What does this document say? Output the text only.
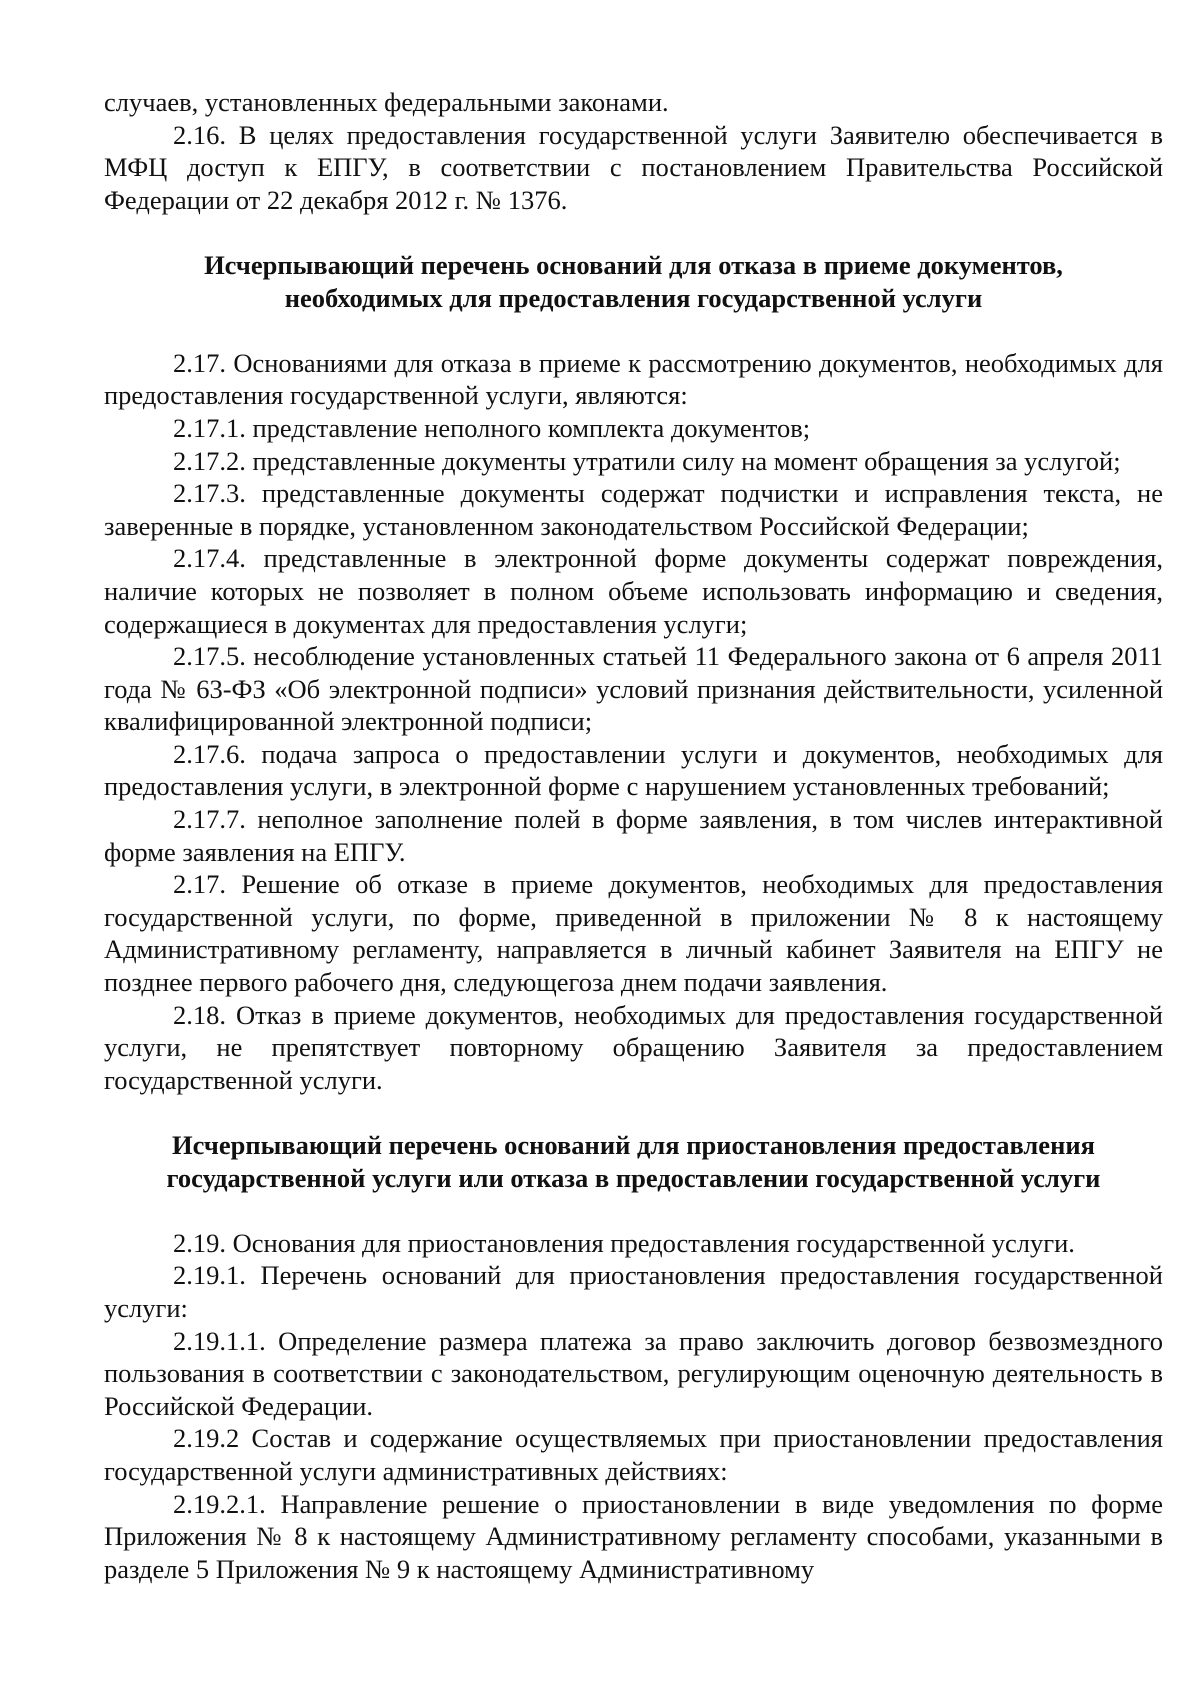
случаев, установленных федеральными законами.

2.16. В целях предоставления государственной услуги Заявителю обеспечивается в МФЦ доступ к ЕПГУ, в соответствии с постановлением Правительства Российской Федерации от 22 декабря 2012 г. № 1376.

Исчерпывающий перечень оснований для отказа в приеме документов,
необходимых для предоставления государственной услуги

2.17. Основаниями для отказа в приеме к рассмотрению документов, необходимых для предоставления государственной услуги, являются:

2.17.1. представление неполного комплекта документов;

2.17.2. представленные документы утратили силу на момент обращения за услугой;

2.17.3. представленные документы содержат подчистки и исправления текста, не заверенные в порядке, установленном законодательством Российской Федерации;

2.17.4. представленные в электронной форме документы содержат повреждения, наличие которых не позволяет в полном объеме использовать информацию и сведения, содержащиеся в документах для предоставления услуги;

2.17.5. несоблюдение установленных статьей 11 Федерального закона от 6 апреля 2011 года № 63-ФЗ «Об электронной подписи» условий признания действительности, усиленной квалифицированной электронной подписи;

2.17.6. подача запроса о предоставлении услуги и документов, необходимых для предоставления услуги, в электронной форме с нарушением установленных требований;

2.17.7. неполное заполнение полей в форме заявления, в том числев интерактивной форме заявления на ЕПГУ.

2.17. Решение об отказе в приеме документов, необходимых для предоставления государственной услуги, по форме, приведенной в приложении № 8 к настоящему Административному регламенту, направляется в личный кабинет Заявителя на ЕПГУ не позднее первого рабочего дня, следующегоза днем подачи заявления.

2.18. Отказ в приеме документов, необходимых для предоставления государственной услуги, не препятствует повторному обращению Заявителя за предоставлением государственной услуги.

Исчерпывающий перечень оснований для приостановления предоставления
государственной услуги или отказа в предоставлении государственной услуги

2.19. Основания для приостановления предоставления государственной услуги.

2.19.1. Перечень оснований для приостановления предоставления государственной услуги:

2.19.1.1. Определение размера платежа за право заключить договор безвозмездного пользования в соответствии с законодательством, регулирующим оценочную деятельность в Российской Федерации.

2.19.2 Состав и содержание осуществляемых при приостановлении предоставления государственной услуги административных действиях:

2.19.2.1. Направление решение о приостановлении в виде уведомления по форме Приложения № 8 к настоящему Административному регламенту способами, указанными в разделе 5 Приложения № 9 к настоящему Административному
